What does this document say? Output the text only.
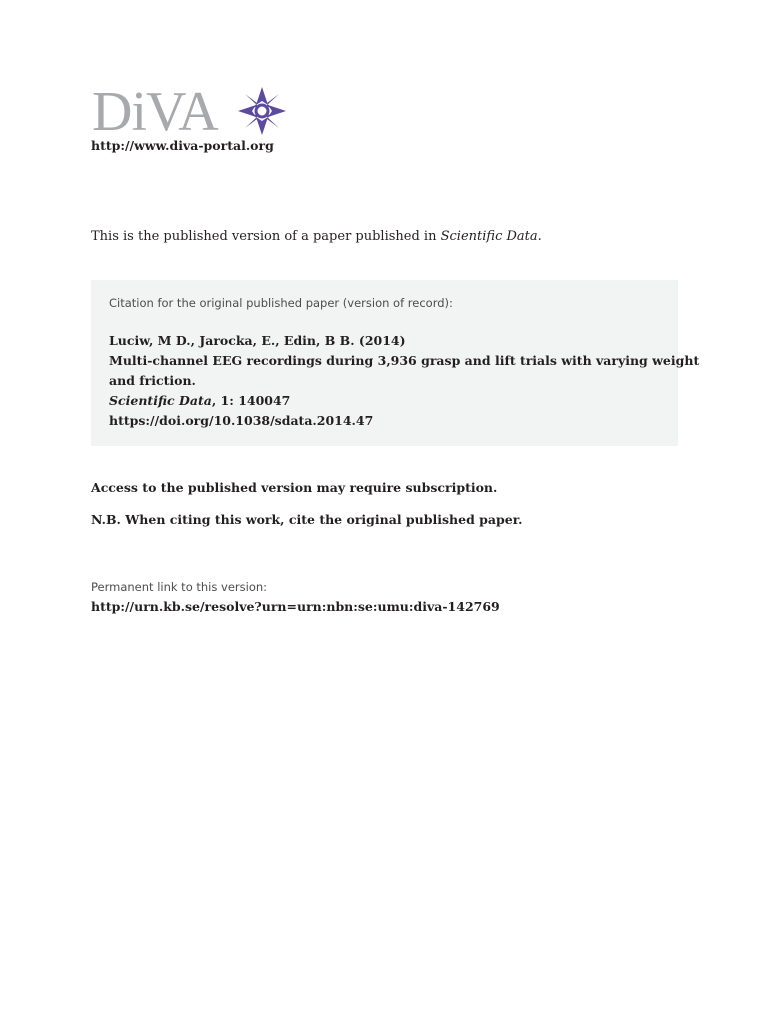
DiVA
http://www.diva-portal.org
This is the published version of a paper published in Scientific Data.
Citation for the original published paper (version of record):
Luciw, M D., Jarocka, E., Edin, B B. (2014)
Multi-channel EEG recordings during 3,936 grasp and lift trials with varying weight
and friction.
Scientific Data, 1: 140047
https://doi.org/10.1038/sdata.2014.47
Access to the published version may require subscription.
N.B. When citing this work, cite the original published paper.
Permanent link to this version:
http://urn.kb.se/resolve?urn=urn:nbn:se:umu:diva-142769
